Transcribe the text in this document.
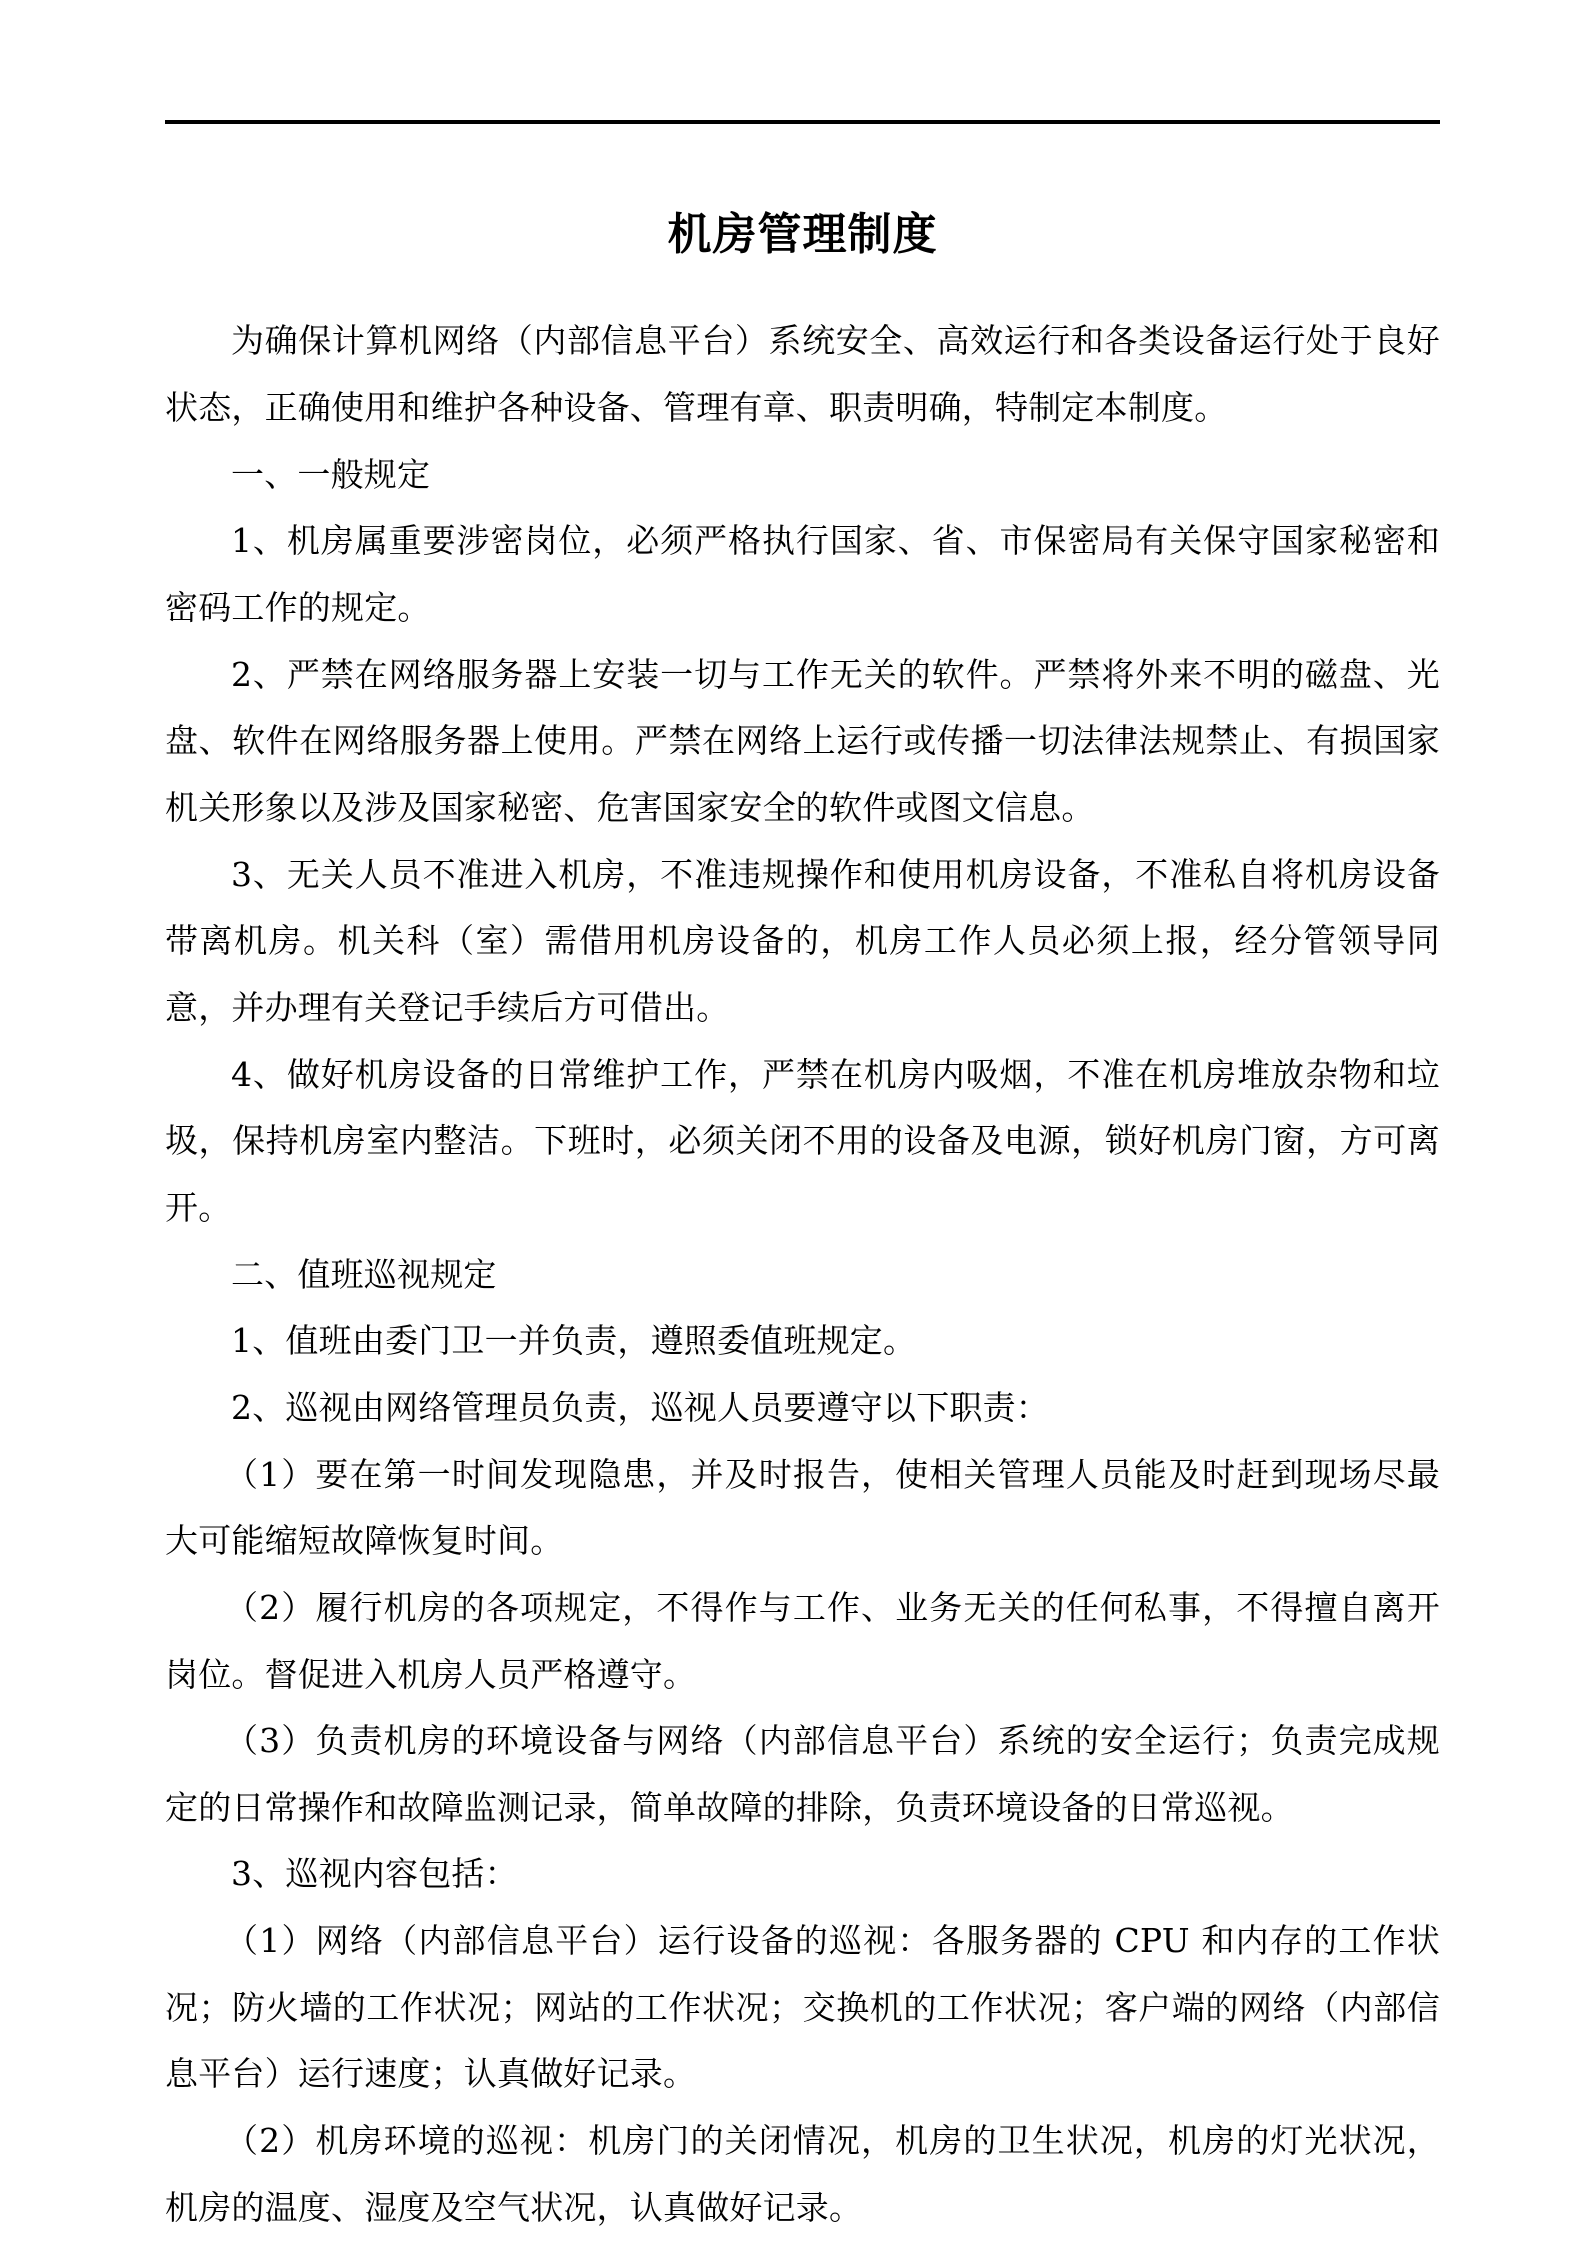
机房管理制度

为确保计算机网络（内部信息平台）系统安全、高效运行和各类设备运行处于良好状态，正确使用和维护各种设备、管理有章、职责明确，特制定本制度。

一、一般规定

1、机房属重要涉密岗位，必须严格执行国家、省、市保密局有关保守国家秘密和密码工作的规定。

2、严禁在网络服务器上安装一切与工作无关的软件。严禁将外来不明的磁盘、光盘、软件在网络服务器上使用。严禁在网络上运行或传播一切法律法规禁止、有损国家机关形象以及涉及国家秘密、危害国家安全的软件或图文信息。

3、无关人员不准进入机房，不准违规操作和使用机房设备，不准私自将机房设备带离机房。机关科（室）需借用机房设备的，机房工作人员必须上报，经分管领导同意，并办理有关登记手续后方可借出。

4、做好机房设备的日常维护工作，严禁在机房内吸烟，不准在机房堆放杂物和垃圾，保持机房室内整洁。下班时，必须关闭不用的设备及电源，锁好机房门窗，方可离开。

二、值班巡视规定

1、值班由委门卫一并负责，遵照委值班规定。

2、巡视由网络管理员负责，巡视人员要遵守以下职责：

（1）要在第一时间发现隐患，并及时报告，使相关管理人员能及时赶到现场尽最大可能缩短故障恢复时间。

（2）履行机房的各项规定，不得作与工作、业务无关的任何私事，不得擅自离开岗位。督促进入机房人员严格遵守。

（3）负责机房的环境设备与网络（内部信息平台）系统的安全运行；负责完成规定的日常操作和故障监测记录，简单故障的排除，负责环境设备的日常巡视。

3、巡视内容包括：

（1）网络（内部信息平台）运行设备的巡视：各服务器的 CPU 和内存的工作状况；防火墙的工作状况；网站的工作状况；交换机的工作状况；客户端的网络（内部信息平台）运行速度；认真做好记录。

（2）机房环境的巡视：机房门的关闭情况，机房的卫生状况，机房的灯光状况，机房的温度、湿度及空气状况，认真做好记录。
